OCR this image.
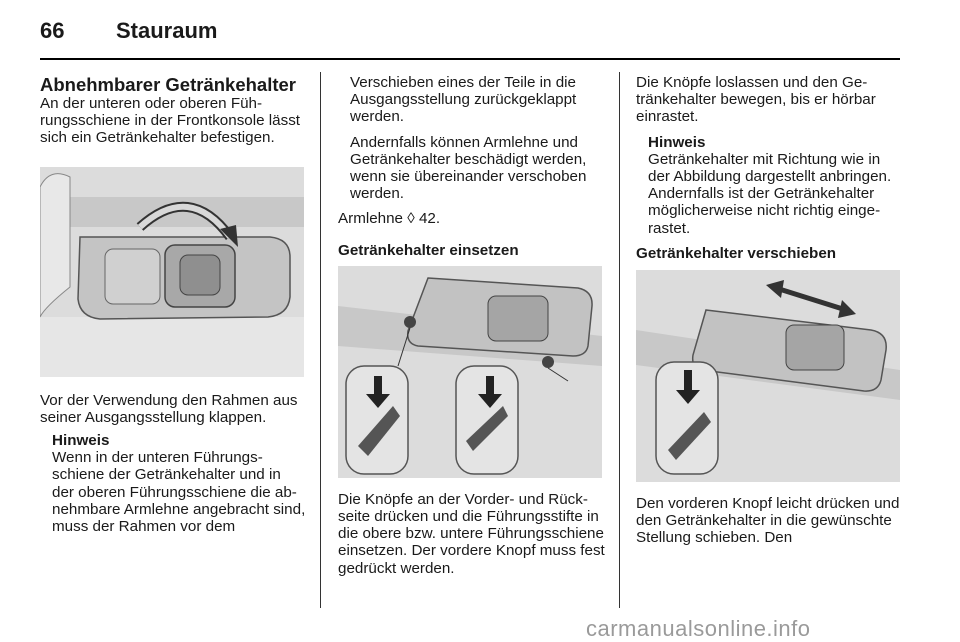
66 Stauraum

Abnehmbarer Getränkehalter

An der unteren oder oberen Führungsschiene in der Frontkonsole lässt sich ein Getränkehalter befestigen.

Vor der Verwendung den Rahmen aus seiner Ausgangsstellung klappen.

Hinweis

Wenn in der unteren Führungsschiene der Getränkehalter und in der oberen Führungsschiene die abnehmbare Armlehne angebracht sind, muss der Rahmen vor dem

Verschieben eines der Teile in die Ausgangsstellung zurückgeklappt werden.

Andernfalls können Armlehne und Getränkehalter beschädigt werden, wenn sie übereinander verschoben werden.

Armlehne ◊ 42.

Getränkehalter einsetzen

Die Knöpfe an der Vorder- und Rückseite drücken und die Führungsstifte in die obere bzw. untere Führungsschiene einsetzen. Der vordere Knopf muss fest gedrückt werden.

Die Knöpfe loslassen und den Getränkehalter bewegen, bis er hörbar einrastet.

Hinweis

Getränkehalter mit Richtung wie in der Abbildung dargestellt anbringen. Andernfalls ist der Getränkehalter möglicherweise nicht richtig eingerastet.

Getränkehalter verschieben

Den vorderen Knopf leicht drücken und den Getränkehalter in die gewünschte Stellung schieben. Den

carmanualsonline.info
